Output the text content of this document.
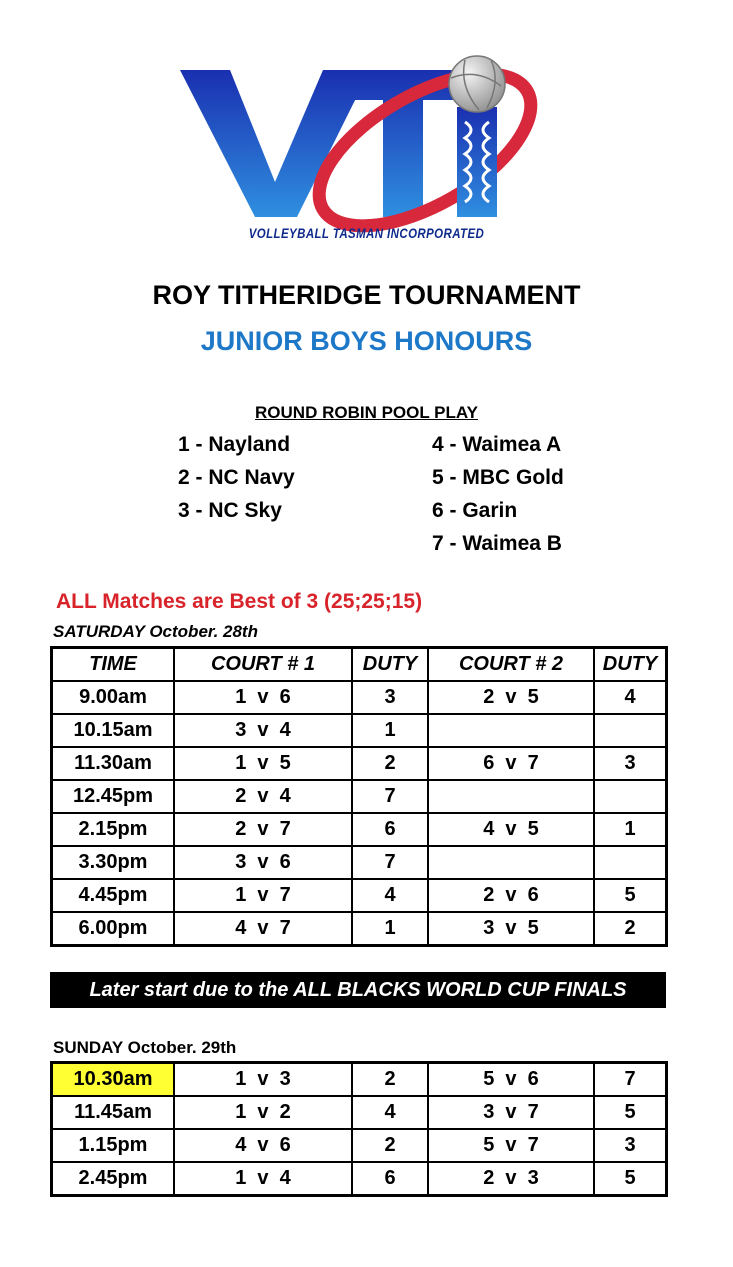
VOLLEYBALL TASMAN INCORPORATED
ROY TITHERIDGE TOURNAMENT
JUNIOR BOYS HONOURS
ROUND ROBIN POOL PLAY
1 - Nayland
2 - NC Navy
3 - NC Sky
4 - Waimea A
5 - MBC Gold
6 - Garin
7 - Waimea B
ALL Matches are Best of 3 (25;25;15)
SATURDAY October. 28th
TIME	COURT # 1	DUTY	COURT # 2	DUTY
9.00am	1  v  6	3	2  v  5	4
10.15am	3  v  4	1		
11.30am	1  v  5	2	6  v  7	3
12.45pm	2  v  4	7		
2.15pm	2  v  7	6	4  v  5	1
3.30pm	3  v  6	7		
4.45pm	1  v  7	4	2  v  6	5
6.00pm	4  v  7	1	3  v  5	2
Later start due to the ALL BLACKS WORLD CUP FINALS
SUNDAY October. 29th
10.30am	1  v  3	2	5  v  6	7
11.45am	1  v  2	4	3  v  7	5
1.15pm	4  v  6	2	5  v  7	3
2.45pm	1  v  4	6	2  v  3	5
